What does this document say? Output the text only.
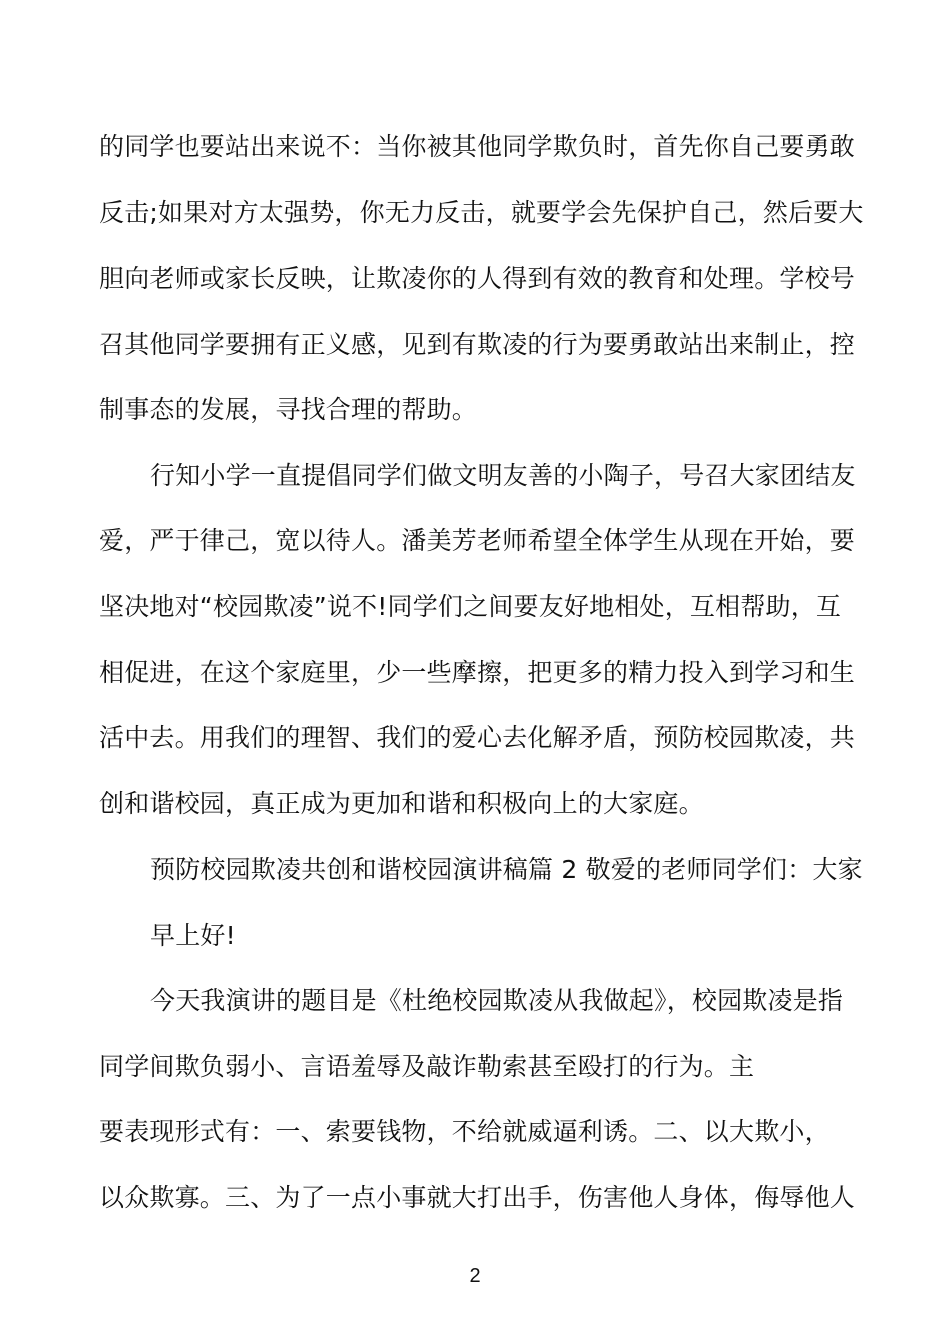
的同学也要站出来说不：当你被其他同学欺负时，首先你自己要勇敢
反击;如果对方太强势，你无力反击，就要学会先保护自己，然后要大
胆向老师或家长反映，让欺凌你的人得到有效的教育和处理。学校号
召其他同学要拥有正义感，见到有欺凌的行为要勇敢站出来制止，控
制事态的发展，寻找合理的帮助。
行知小学一直提倡同学们做文明友善的小陶子，号召大家团结友
爱，严于律己，宽以待人。潘美芳老师希望全体学生从现在开始，要
坚决地对“校园欺凌”说不!同学们之间要友好地相处，互相帮助，互
相促进，在这个家庭里，少一些摩擦，把更多的精力投入到学习和生
活中去。用我们的理智、我们的爱心去化解矛盾，预防校园欺凌，共
创和谐校园，真正成为更加和谐和积极向上的大家庭。
预防校园欺凌共创和谐校园演讲稿篇 2 敬爱的老师同学们：大家
早上好!
今天我演讲的题目是《杜绝校园欺凌从我做起》，校园欺凌是指
同学间欺负弱小、言语羞辱及敲诈勒索甚至殴打的行为。主
要表现形式有：一、索要钱物，不给就威逼利诱。二、以大欺小，
以众欺寡。三、为了一点小事就大打出手，伤害他人身体，侮辱他人
2
